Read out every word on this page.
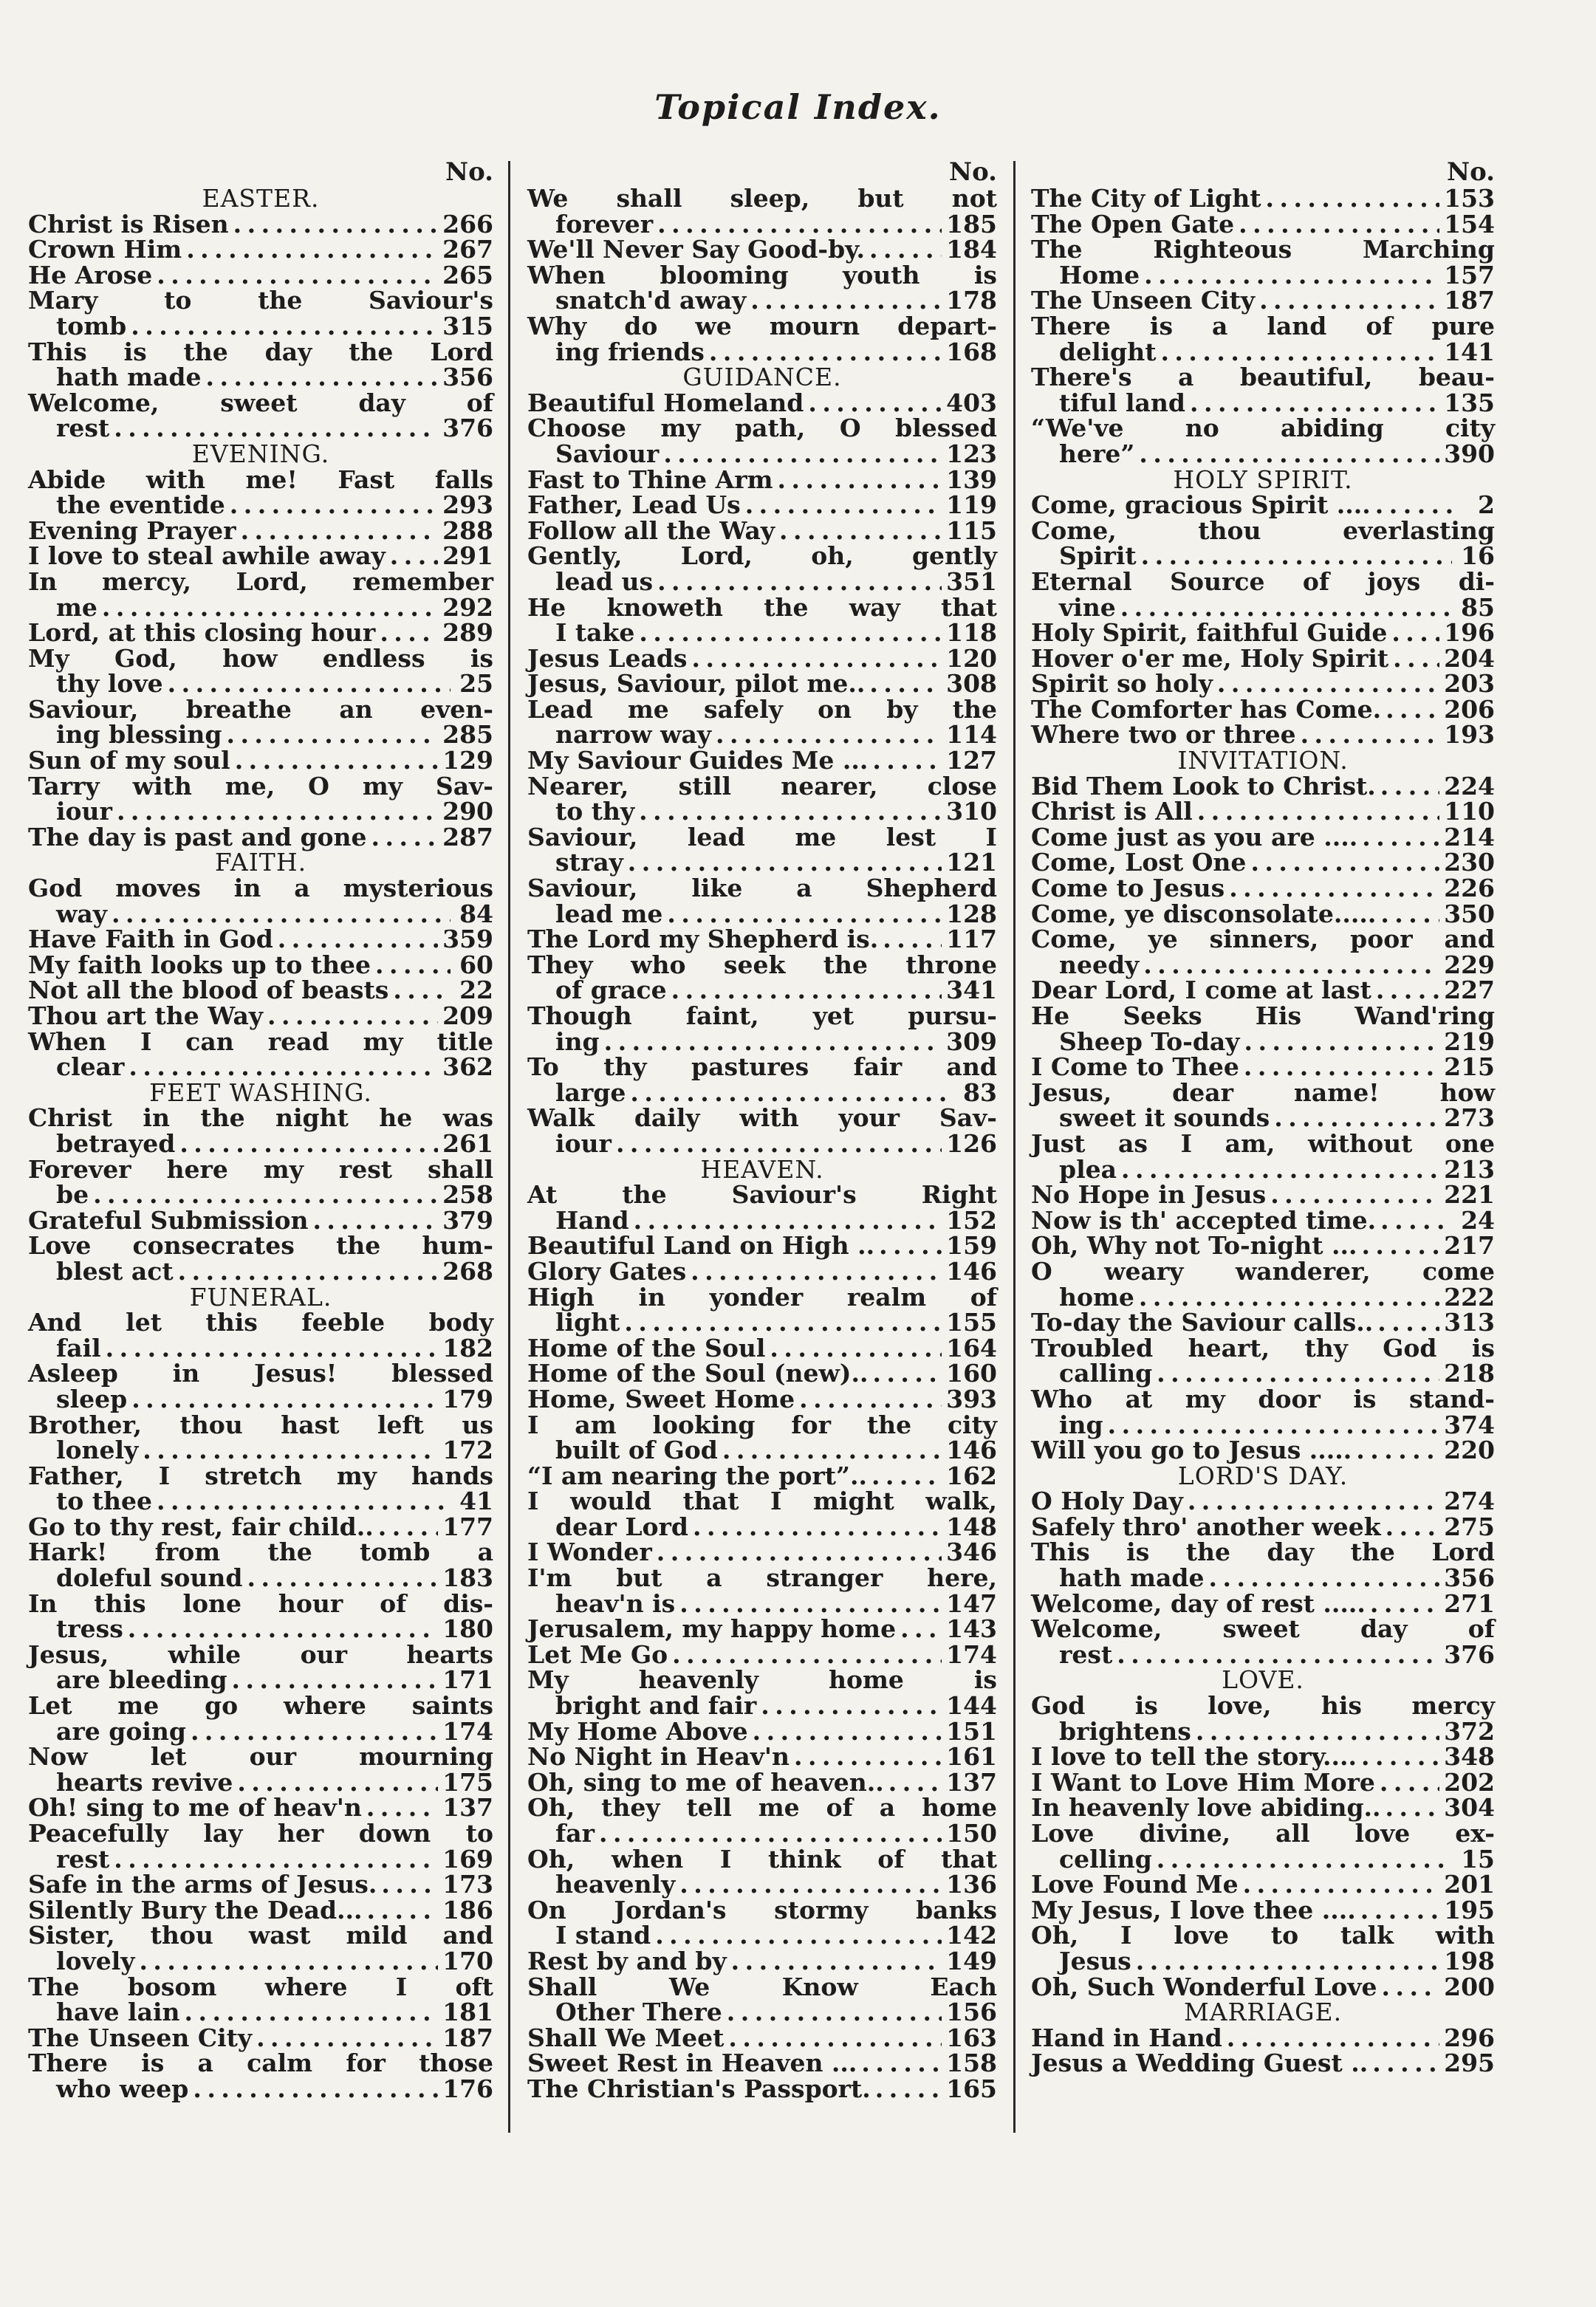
Topical Index.
No.
EASTER.
Christ is Risen . . .	266
Crown Him . . .	267
He Arose . . .	265
Mary to the Saviour's
tomb . . .	315
This is the day the Lord
hath made . . .	356
Welcome, sweet day of
rest . . .	376
EVENING.
Abide with me! Fast falls
the eventide . . .	293
Evening Prayer . . .	288
I love to steal awhile away . . . 291
In mercy, Lord, remember
me . . .	292
Lord, at this closing hour . . .	289
My God, how endless is
thy love . . .	25
Saviour, breathe an even-
ing blessing . . .	285
Sun of my soul . . .	129
Tarry with me, O my Sav-
iour . . .	290
The day is past and gone . . .	287
FAITH.
God moves in a mysterious
way . . .	84
Have Faith in God . . .	359
My faith looks up to thee . . .	60
Not all the blood of beasts . . .	22
Thou art the Way . . .	209
When I can read my title
clear . . .	362
FEET WASHING.
Christ in the night he was
betrayed . . .	261
Forever here my rest shall
be . . .	258
Grateful Submission . . .	379
Love consecrates the hum-
blest act . . .	268
FUNERAL.
And let this feeble body
fail . . .	182
Asleep in Jesus! blessed
sleep . . .	179
Brother, thou hast left us
lonely . . .	172
Father, I stretch my hands
to thee . . .	41
Go to thy rest, fair child.. . . .	177
Hark! from the tomb a
doleful sound . . .	183
In this lone hour of dis-
tress . . .	180
Jesus, while our hearts
are bleeding . . .	171
Let me go where saints
are going . . .	174
Now let our mourning
hearts revive . . .	175
Oh! sing to me of heav'n . . .	137
Peacefully lay her down to
rest . . .	169
Safe in the arms of Jesus. . . .	173
Silently Bury the Dead... . . .	186
Sister, thou wast mild and
lovely . . .	170
The bosom where I oft
have lain . . .	181
The Unseen City . . .	187
There is a calm for those
who weep . . .	176
No.
We shall sleep, but not
forever . . .	185
We'll Never Say Good-by. . . .	184
When blooming youth is
snatch'd away . . .	178
Why do we mourn depart-
ing friends . . .	168
GUIDANCE.
Beautiful Homeland . . .	403
Choose my path, O blessed
Saviour . . .	123
Fast to Thine Arm . . .	139
Father, Lead Us . . .	119
Follow all the Way . . .	115
Gently, Lord, oh, gently
lead us . . .	351
He knoweth the way that
I take . . .	118
Jesus Leads . . .	120
Jesus, Saviour, pilot me.. . . .	308
Lead me safely on by the
narrow way . . .	114
My Saviour Guides Me ... . . .	127
Nearer, still nearer, close
to thy . . .	310
Saviour, lead me lest I
stray . . .	121
Saviour, like a Shepherd
lead me . . .	128
The Lord my Shepherd is. . . .	117
They who seek the throne
of grace . . .	341
Though faint, yet pursu-
ing . . .	309
To thy pastures fair and
large . . .	83
Walk daily with your Sav-
iour . . .	126
HEAVEN.
At the Saviour's Right
Hand . . .	152
Beautiful Land on High .. . . .	159
Glory Gates . . .	146
High in yonder realm of
light . . .	155
Home of the Soul . . .	164
Home of the Soul (new).. . . .	160
Home, Sweet Home . . .	393
I am looking for the city
built of God . . .	146
“I am nearing the port”.. . . .	162
I would that I might walk,
dear Lord . . .	148
I Wonder . . .	346
I'm but a stranger here,
heav'n is . . .	147
Jerusalem, my happy home . . . 143
Let Me Go . . .	174
My heavenly home is
bright and fair . . .	144
My Home Above . . .	151
No Night in Heav'n . . .	161
Oh, sing to me of heaven.. . . .	137
Oh, they tell me of a home
far . . .	150
Oh, when I think of that
heavenly . . .	136
On Jordan's stormy banks
I stand . . .	142
Rest by and by . . .	149
Shall We Know Each
Other There . . .	156
Shall We Meet . . .	163
Sweet Rest in Heaven ... . . .	158
The Christian's Passport. . . .	165
No.
The City of Light . . .	153
The Open Gate . . .	154
The Righteous Marching
Home . . .	157
The Unseen City . . .	187
There is a land of pure
delight . . .	141
There's a beautiful, beau-
tiful land . . .	135
“We've no abiding city
here” . . .	390
HOLY SPIRIT.
Come, gracious Spirit .... . . .	2
Come, thou everlasting
Spirit . . .	16
Eternal Source of joys di-
vine . . .	85
Holy Spirit, faithful Guide . . . 196
Hover o'er me, Holy Spirit . . . 204
Spirit so holy . . .	203
The Comforter has Come. . . .	206
Where two or three . . .	193
INVITATION.
Bid Them Look to Christ. . . .	224
Christ is All . . .	110
Come just as you are .... . . .	214
Come, Lost One . . .	230
Come to Jesus . . .	226
Come, ye disconsolate..... . . .	350
Come, ye sinners, poor and
needy . . .	229
Dear Lord, I come at last . . .	227
He Seeks His Wand'ring
Sheep To-day . . .	219
I Come to Thee . . .	215
Jesus, dear name! how
sweet it sounds . . .	273
Just as I am, without one
plea . . .	213
No Hope in Jesus . . .	221
Now is th' accepted time. . . .	24
Oh, Why not To-night ... . . .	217
O weary wanderer, come
home . . .	222
To-day the Saviour calls.. . . .	313
Troubled heart, thy God is
calling . . .	218
Who at my door is stand-
ing . . .	374
Will you go to Jesus ..... . . .	220
LORD'S DAY.
O Holy Day . . .	274
Safely thro' another week . . .	275
This is the day the Lord
hath made . . .	356
Welcome, day of rest ..... . . .	271
Welcome, sweet day of
rest . . .	376
LOVE.
God is love, his mercy
brightens . . .	372
I love to tell the story.... . . .	348
I Want to Love Him More . . .	202
In heavenly love abiding.. . . .	304
Love divine, all love ex-
celling . . .	15
Love Found Me . . .	201
My Jesus, I love thee .... . . .	195
Oh, I love to talk with
Jesus . . .	198
Oh, Such Wonderful Love . . .	200
MARRIAGE.
Hand in Hand . . .	296
Jesus a Wedding Guest .. . . .	295
